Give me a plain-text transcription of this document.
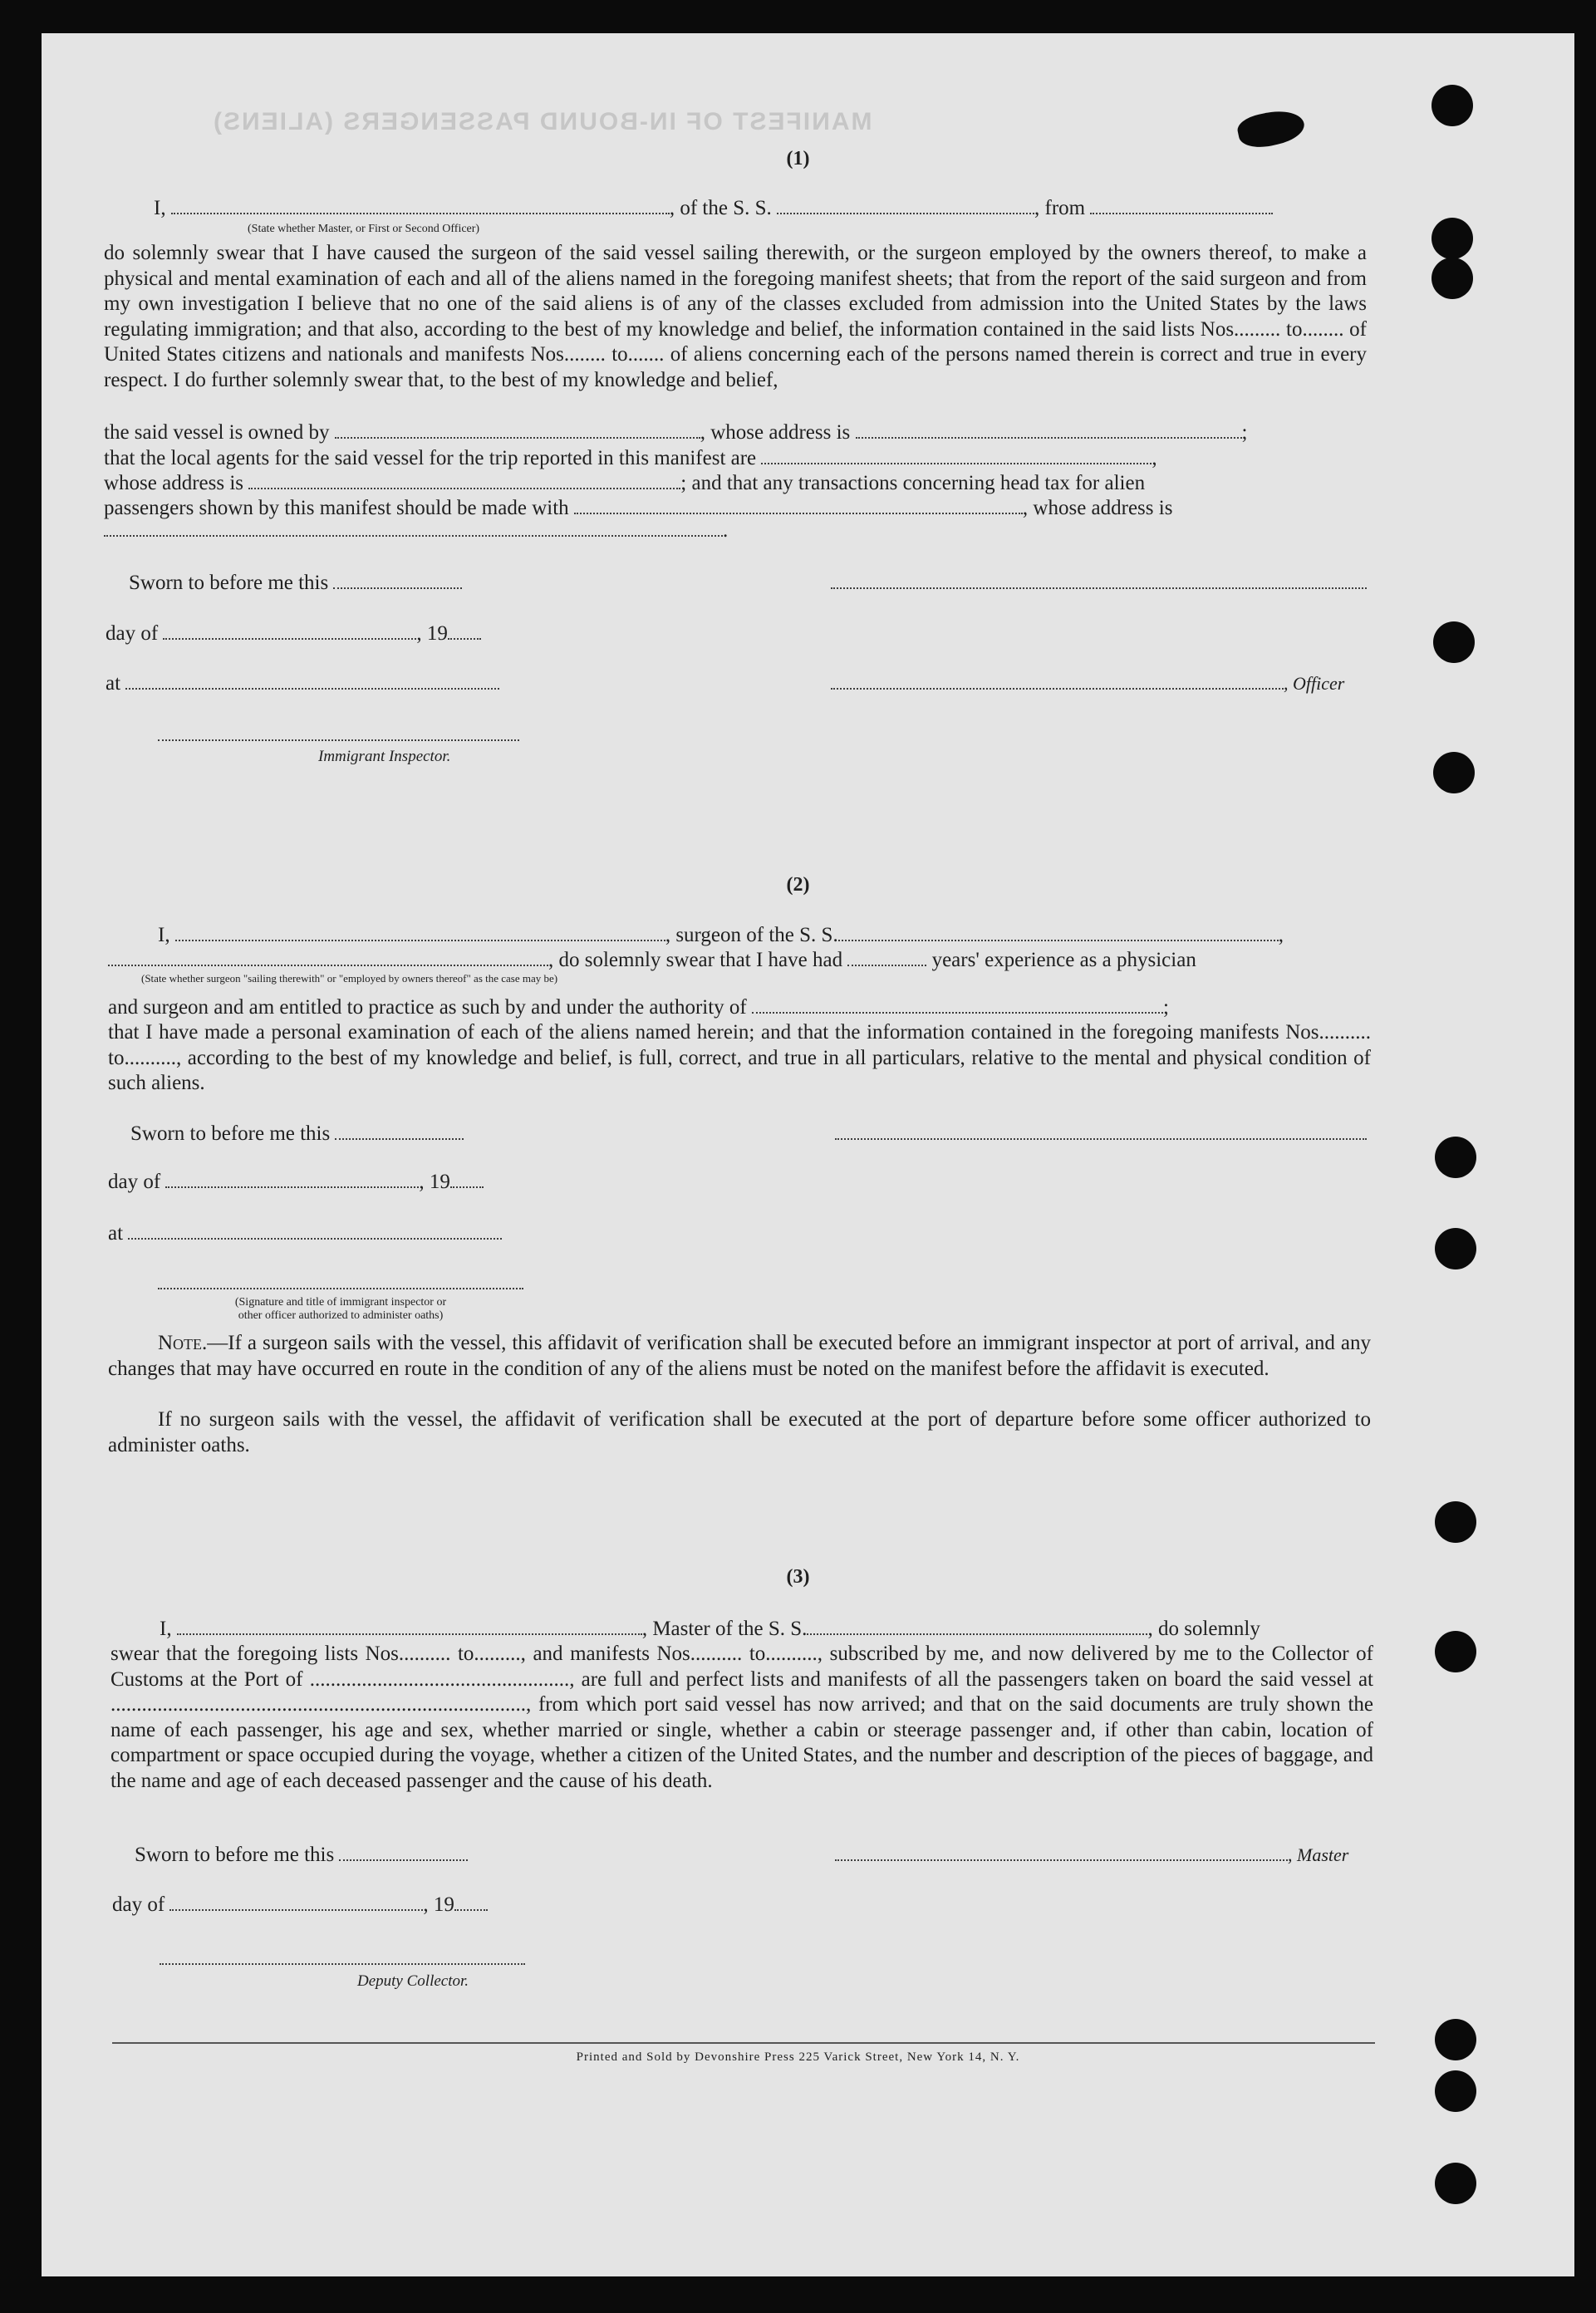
MANIFEST OF IN-BOUND PASSENGERS (ALIENS)
(1)
I,	, of the S. S.	, from
(State whether Master, or First or Second Officer)
do solemnly swear that I have caused the surgeon of the said vessel sailing therewith, or the surgeon employed by the owners thereof, to make a physical and mental examination of each and all of the aliens named in the foregoing manifest sheets; that from the report of the said surgeon and from my own investigation I believe that no one of the said aliens is of any of the classes excluded from admission into the United States by the laws regulating immigration; and that also, according to the best of my knowledge and belief, the information contained in the said lists Nos......... to........ of United States citizens and nationals and manifests Nos........ to....... of aliens concerning each of the persons named therein is correct and true in every respect. I do further solemnly swear that, to the best of my knowledge and belief,
the said vessel is owned by	, whose address is	;
that the local agents for the said vessel for the trip reported in this manifest are	,
whose address is	; and that any transactions concerning head tax for alien
passengers shown by this manifest should be made with	, whose address is
.
Sworn to before me this
day of	, 19
at	, Officer
Immigrant Inspector.
(2)
I,	, surgeon of the S. S.	,
, do solemnly swear that I have had	years' experience as a physician
(State whether surgeon "sailing therewith" or "employed by owners thereof" as the case may be)
and surgeon and am entitled to practice as such by and under the authority of	;
that I have made a personal examination of each of the aliens named herein; and that the information contained in the foregoing manifests Nos.......... to.........., according to the best of my knowledge and belief, is full, correct, and true in all particulars, relative to the mental and physical condition of such aliens.
Sworn to before me this
day of	, 19
at
(Signature and title of immigrant inspector or
other officer authorized to administer oaths)
Note.—If a surgeon sails with the vessel, this affidavit of verification shall be executed before an immigrant inspector at port of arrival, and any changes that may have occurred en route in the condition of any of the aliens must be noted on the manifest before the affidavit is executed.
If no surgeon sails with the vessel, the affidavit of verification shall be executed at the port of departure before some officer authorized to administer oaths.
(3)
I,	, Master of the S. S.	, do solemnly
swear that the foregoing lists Nos.......... to........., and manifests Nos.......... to.........., subscribed by me, and now delivered by me to the Collector of Customs at the Port of .................................................., are full and perfect lists and manifests of all the passengers taken on board the said vessel at ................................................................................, from which port said vessel has now arrived; and that on the said documents are truly shown the name of each passenger, his age and sex, whether married or single, whether a cabin or steerage passenger and, if other than cabin, location of compartment or space occupied during the voyage, whether a citizen of the United States, and the number and description of the pieces of baggage, and the name and age of each deceased passenger and the cause of his death.
Sworn to before me this	, Master
day of	, 19
Deputy Collector.
Printed and Sold by Devonshire Press 225 Varick Street, New York 14, N. Y.
